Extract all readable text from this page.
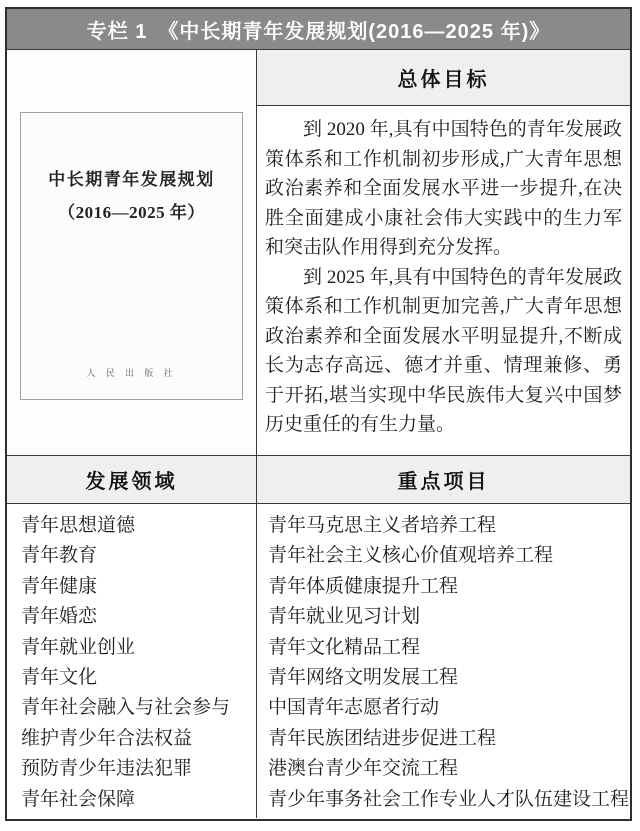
专栏 1　《中长期青年发展规划(2016—2025 年)》
中长期青年发展规划
（2016—2025 年）
人 民 出 版 社
总体目标

到 2020 年,具有中国特色的青年发展政策体系和工作机制初步形成,广大青年思想政治素养和全面发展水平进一步提升,在决胜全面建成小康社会伟大实践中的生力军和突击队作用得到充分发挥。

到 2025 年,具有中国特色的青年发展政策体系和工作机制更加完善,广大青年思想政治素养和全面发展水平明显提升,不断成长为志存高远、德才并重、情理兼修、勇于开拓,堪当实现中华民族伟大复兴中国梦历史重任的有生力量。

发展领域	重点项目
青年思想道德
青年教育
青年健康
青年婚恋
青年就业创业
青年文化
青年社会融入与社会参与
维护青少年合法权益
预防青少年违法犯罪
青年社会保障
青年马克思主义者培养工程
青年社会主义核心价值观培养工程
青年体质健康提升工程
青年就业见习计划
青年文化精品工程
青年网络文明发展工程
中国青年志愿者行动
青年民族团结进步促进工程
港澳台青少年交流工程
青少年事务社会工作专业人才队伍建设工程
